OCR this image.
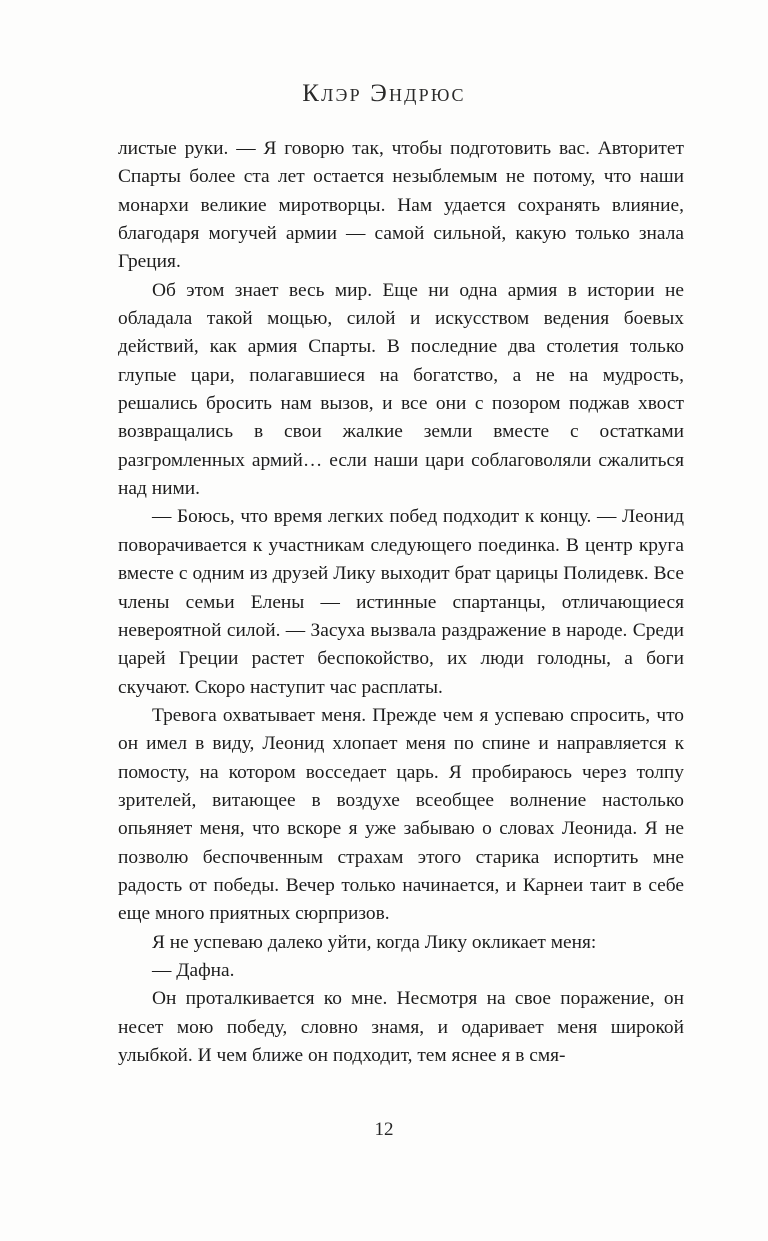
Клэр Эндрюс

листые руки. — Я говорю так, чтобы подготовить вас. Авторитет Спарты более ста лет остается незыблемым не потому, что наши монархи великие миротворцы. Нам удается сохранять влияние, благодаря могучей армии — самой сильной, какую только знала Греция.

Об этом знает весь мир. Еще ни одна армия в истории не обладала такой мощью, силой и искусством ведения боевых действий, как армия Спарты. В последние два столетия только глупые цари, полагавшиеся на богатство, а не на мудрость, решались бросить нам вызов, и все они с позором поджав хвост возвращались в свои жалкие земли вместе с остатками разгромленных армий… если наши цари соблаговоляли сжалиться над ними.

— Боюсь, что время легких побед подходит к концу. — Леонид поворачивается к участникам следующего поединка. В центр круга вместе с одним из друзей Лику выходит брат царицы Полидевк. Все члены семьи Елены — истинные спартанцы, отличающиеся невероятной силой. — Засуха вызвала раздражение в народе. Среди царей Греции растет беспокойство, их люди голодны, а боги скучают. Скоро наступит час расплаты.

Тревога охватывает меня. Прежде чем я успеваю спросить, что он имел в виду, Леонид хлопает меня по спине и направляется к помосту, на котором восседает царь. Я пробираюсь через толпу зрителей, витающее в воздухе всеобщее волнение настолько опьяняет меня, что вскоре я уже забываю о словах Леонида. Я не позволю беспочвенным страхам этого старика испортить мне радость от победы. Вечер только начинается, и Карнеи таит в себе еще много приятных сюрпризов.

Я не успеваю далеко уйти, когда Лику окликает меня:

— Дафна.

Он проталкивается ко мне. Несмотря на свое поражение, он несет мою победу, словно знамя, и одаривает меня широкой улыбкой. И чем ближе он подходит, тем яснее я в смя-

12
